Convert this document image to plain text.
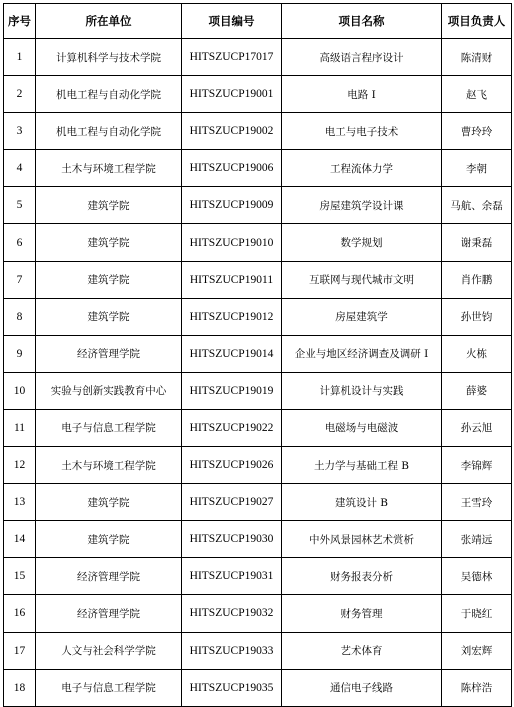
序号	所在单位	项目编号	项目名称	项目负责人
1	计算机科学与技术学院	HITSZUCP17017	高级语言程序设计	陈清财
2	机电工程与自动化学院	HITSZUCP19001	电路 I	赵飞
3	机电工程与自动化学院	HITSZUCP19002	电工与电子技术	曹玲玲
4	土木与环境工程学院	HITSZUCP19006	工程流体力学	李朝
5	建筑学院	HITSZUCP19009	房屋建筑学设计课	马航、余磊
6	建筑学院	HITSZUCP19010	数学规划	谢秉磊
7	建筑学院	HITSZUCP19011	互联网与现代城市文明	肖作鹏
8	建筑学院	HITSZUCP19012	房屋建筑学	孙世钧
9	经济管理学院	HITSZUCP19014	企业与地区经济调查及调研 I	火栋
10	实验与创新实践教育中心	HITSZUCP19019	计算机设计与实践	薛婆
11	电子与信息工程学院	HITSZUCP19022	电磁场与电磁波	孙云旭
12	土木与环境工程学院	HITSZUCP19026	土力学与基础工程 B	李锦辉
13	建筑学院	HITSZUCP19027	建筑设计 B	王雪玲
14	建筑学院	HITSZUCP19030	中外风景园林艺术赏析	张靖远
15	经济管理学院	HITSZUCP19031	财务报表分析	吴德林
16	经济管理学院	HITSZUCP19032	财务管理	于晓红
17	人文与社会科学学院	HITSZUCP19033	艺术体育	刘宏辉
18	电子与信息工程学院	HITSZUCP19035	通信电子线路	陈梓浩
